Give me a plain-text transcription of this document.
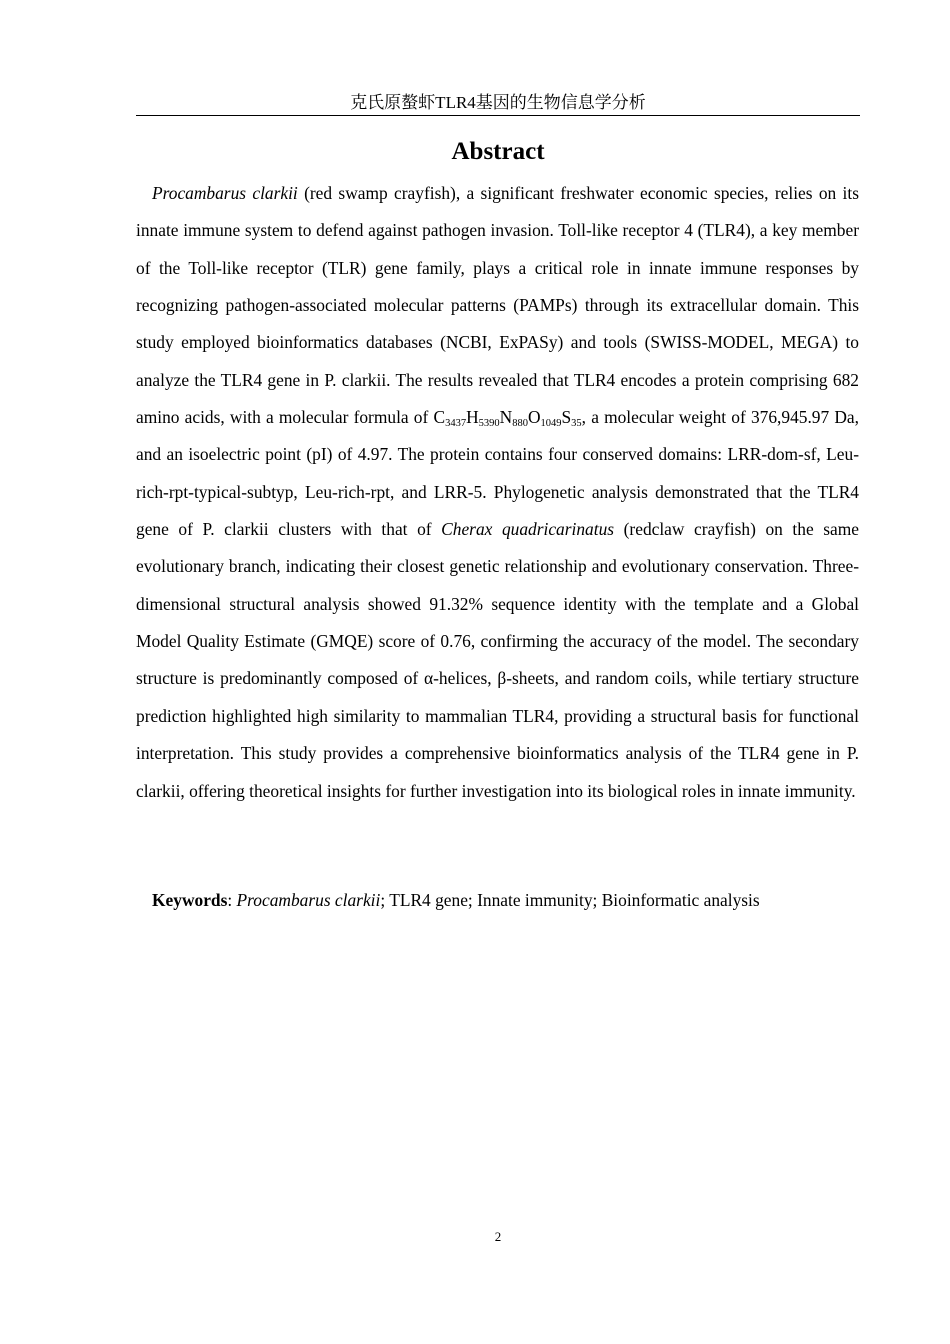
克氏原螯虾TLR4基因的生物信息学分析
Abstract

Procambarus clarkii (red swamp crayfish), a significant freshwater economic species, relies on its innate immune system to defend against pathogen invasion. Toll-like receptor 4 (TLR4), a key member of the Toll-like receptor (TLR) gene family, plays a critical role in innate immune responses by recognizing pathogen-associated molecular patterns (PAMPs) through its extracellular domain. This study employed bioinformatics databases (NCBI, ExPASy) and tools (SWISS-MODEL, MEGA) to analyze the TLR4 gene in P. clarkii. The results revealed that TLR4 encodes a protein comprising 682 amino acids, with a molecular formula of $C_{3437}H_{5390}N_{880}O_{1049}S_{35}$, a molecular weight of 376,945.97 Da, and an isoelectric point (pI) of 4.97. The protein contains four conserved domains: LRR-dom-sf, Leu-rich-rpt-typical-subtyp, Leu-rich-rpt, and LRR-5. Phylogenetic analysis demonstrated that the TLR4 gene of P. clarkii clusters with that of Cherax quadricarinatus (redclaw crayfish) on the same evolutionary branch, indicating their closest genetic relationship and evolutionary conservation. Three-dimensional structural analysis showed 91.32% sequence identity with the template and a Global Model Quality Estimate (GMQE) score of 0.76, confirming the accuracy of the model. The secondary structure is predominantly composed of α-helices, β-sheets, and random coils, while tertiary structure prediction highlighted high similarity to mammalian TLR4, providing a structural basis for functional interpretation. This study provides a comprehensive bioinformatics analysis of the TLR4 gene in P. clarkii, offering theoretical insights for further investigation into its biological roles in innate immunity.

Keywords: Procambarus clarkii; TLR4 gene; Innate immunity; Bioinformatic analysis

2
